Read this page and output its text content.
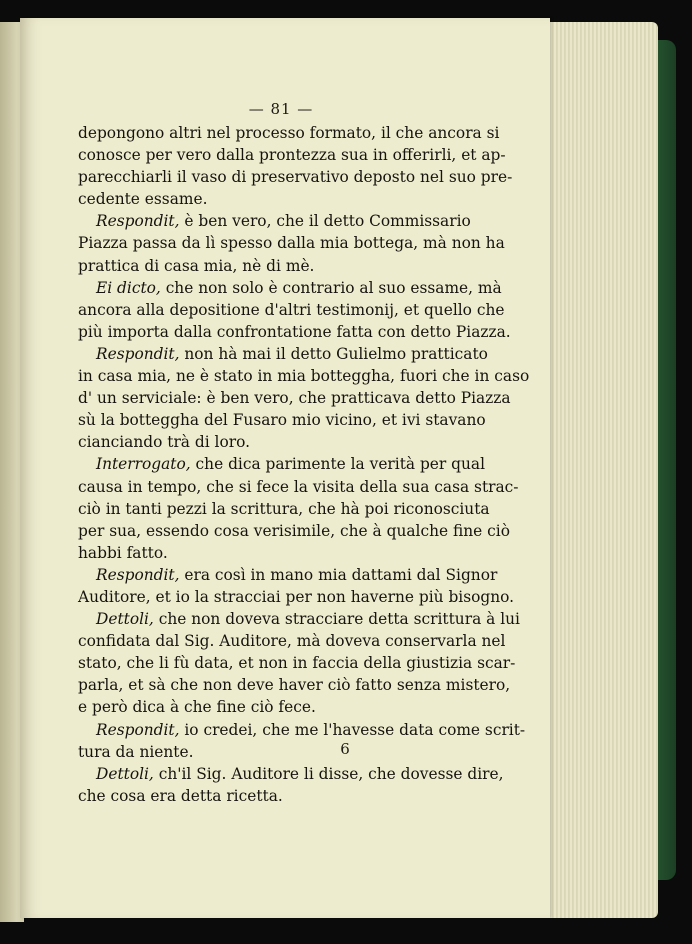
— 81 —
depongono altri nel processo formato, il che ancora si
conosce per vero dalla prontezza sua in offerirli, et ap-
parecchiarli il vaso di preservativo deposto nel suo pre-
cedente essame.
Respondit, è ben vero, che il detto Commissario
Piazza passa da lì spesso dalla mia bottega, mà non ha
prattica di casa mia, nè di mè.
Ei dicto, che non solo è contrario al suo essame, mà
ancora alla depositione d'altri testimonij, et quello che
più importa dalla confrontatione fatta con detto Piazza.
Respondit, non hà mai il detto Gulielmo pratticato
in casa mia, ne è stato in mia botteggha, fuori che in caso
d' un serviciale: è ben vero, che pratticava detto Piazza
sù la botteggha del Fusaro mio vicino, et ivi stavano
cianciando trà di loro.
Interrogato, che dica parimente la verità per qual
causa in tempo, che si fece la visita della sua casa strac-
ciò in tanti pezzi la scrittura, che hà poi riconosciuta
per sua, essendo cosa verisimile, che à qualche fine ciò
habbi fatto.
Respondit, era così in mano mia dattami dal Signor
Auditore, et io la stracciai per non haverne più bisogno.
Dettoli, che non doveva stracciare detta scrittura à lui
confidata dal Sig. Auditore, mà doveva conservarla nel
stato, che li fù data, et non in faccia della giustizia scar-
parla, et sà che non deve haver ciò fatto senza mistero,
e però dica à che fine ciò fece.
Respondit, io credei, che me l'havesse data come scrit-
tura da niente.
Dettoli, ch'il Sig. Auditore li disse, che dovesse dire,
che cosa era detta ricetta.
6
